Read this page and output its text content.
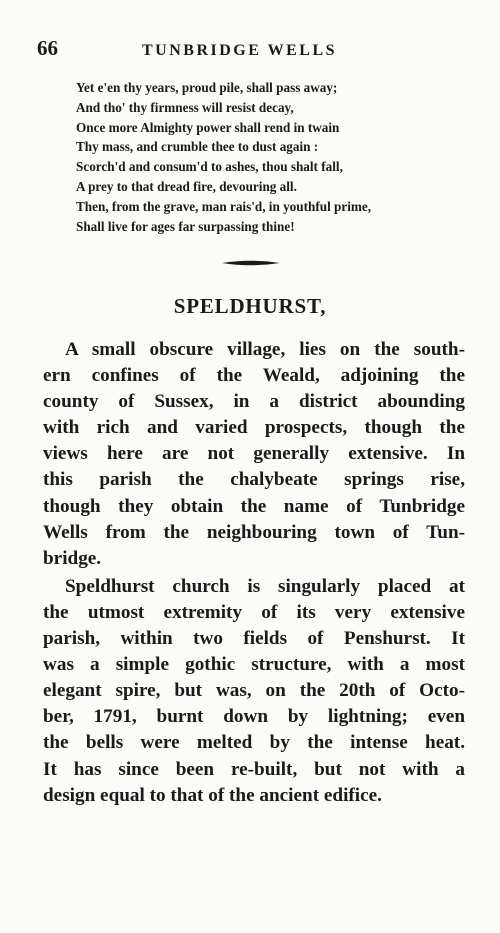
66	TUNBRIDGE WELLS
Yet e'en thy years, proud pile, shall pass away;
And tho' thy firmness will resist decay,
Once more Almighty power shall rend in twain
Thy mass, and crumble thee to dust again :
Scorch'd and consum'd to ashes, thou shalt fall,
A prey to that dread fire, devouring all.
Then, from the grave, man rais'd, in youthful prime,
Shall live for ages far surpassing thine!
SPELDHURST,
A small obscure village, lies on the south-
ern confines of the Weald, adjoining the
county of Sussex, in a district abounding
with rich and varied prospects, though the
views here are not generally extensive. In
this parish the chalybeate springs rise,
though they obtain the name of Tunbridge
Wells from the neighbouring town of Tun-
bridge.
Speldhurst church is singularly placed at
the utmost extremity of its very extensive
parish, within two fields of Penshurst. It
was a simple gothic structure, with a most
elegant spire, but was, on the 20th of Octo-
ber, 1791, burnt down by lightning; even
the bells were melted by the intense heat.
It has since been re-built, but not with a
design equal to that of the ancient edifice.
